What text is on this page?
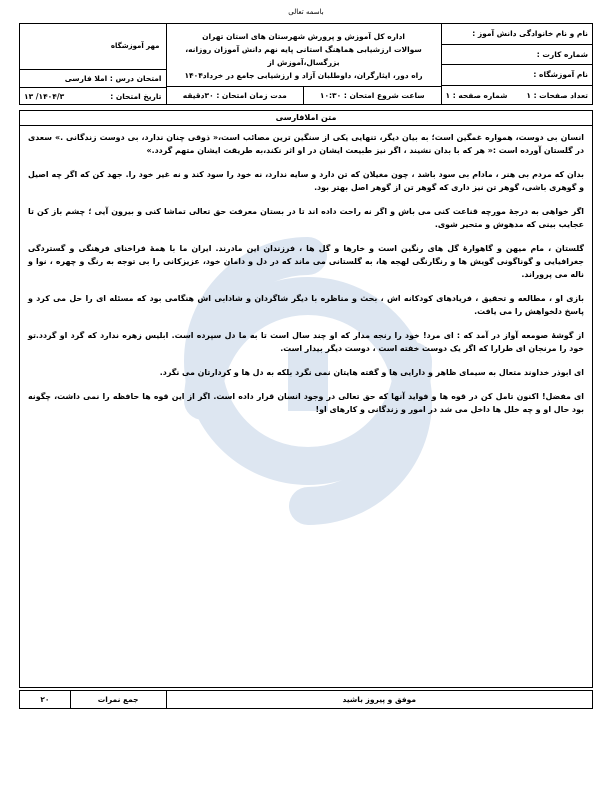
باسمه تعالی
نام و نام خانوادگی دانش آموز :
شماره کارت :
نام آموزشگاه :
تعداد صفحات : ۱
شماره صفحه : ۱
اداره کل آموزش و پرورش شهرستان های استان تهران
سوالات ارزشیابی هماهنگ استانی پایه نهم دانش آموزان روزانه، بزرگسال،آموزش از
راه دور، ایثارگران، داوطلبان آزاد و ارزشیابی جامع در خرداد۱۴۰۴
ساعت شروع امتحان : ۱۰:۳۰
مدت زمان امتحان : ۳۰دقیقه
مهر آموزشگاه
امتحان درس : املا فارسی
تاریخ امتحان :
۱۴۰۴/۳/ ۱۳
متن املافارسی

انسان بی دوست، همواره غمگین است؛ به بیان دیگر، تنهایی یکی از سنگین ترین مصائب است،« ذوقی چنان ندارد، بی دوست زندگانی .» سعدی در گلستان آورده است :« هر که با بدان نشیند ، اگر نیز طبیعت ایشان در او اثر نکند،به طریقت ایشان متهم گردد.»

بدان که مردم بی هنر ، مادام بی سود باشد ، چون مغیلان که تن دارد و سایه ندارد، نه خود را سود کند و نه غیر خود را. جهد کن که اگر چه اصیل و گوهری باشی، گوهر تن نیز داری که گوهر تن از گوهر اصل بهتر بود.

اگر خواهی به درجهٔ مورچه قناعت کنی می باش و اگر نه راحت داده اند تا در بستان معرفت حق تعالی تماشا کنی و بیرون آیی ؛ چشم باز کن تا عجایب بینی که مدهوش و متحیر شوی.

گلستان ، مام میهن و گاهوارهٔ گل های رنگین است و خارها و گل ها ، فرزندان این مادرند. ایران ما با همهٔ فراخنای فرهنگی و گستردگی جغرافیایی و گوناگونی گویش ها و رنگارنگی لهجه ها، به گلستانی می ماند که در دل و دامان خود، عزیزکانی را بی توجه به رنگ و چهره ، نوا و ناله می پروراند.

بازی او ، مطالعه و تحقیق ، فریادهای کودکانه اش ، بحث و مناظره با دیگر شاگردان و شادابی اش هنگامی بود که مسئله ای را حل می کرد و پاسخ دلخواهش را می یافت.

از گوشهٔ صومعه آواز در آمد که : ای مرد! خود را رنجه مدار که او چند سال است تا به ما دل سپرده است. ابلیس زهره ندارد که گرد او گردد.تو خود را مرنجان ای طرارا که اگر یک دوست خفته است ، دوست دیگر بیدار است.

ای ابوذر خداوند متعال به سیمای ظاهر و دارایی ها و گفته هایتان نمی نگرد بلکه به دل ها و کردارتان می نگرد.

ای مفضل! اکنون تامل کن در قوه ها و فواید آنها که حق تعالی در وجود انسان قرار داده است. اگر از این قوه ها حافظه را نمی داشت، چگونه بود حال او و چه خلل ها داخل می شد در امور و زندگانی و کارهای او!

موفق و پیروز باشید
جمع نمرات
۲۰
